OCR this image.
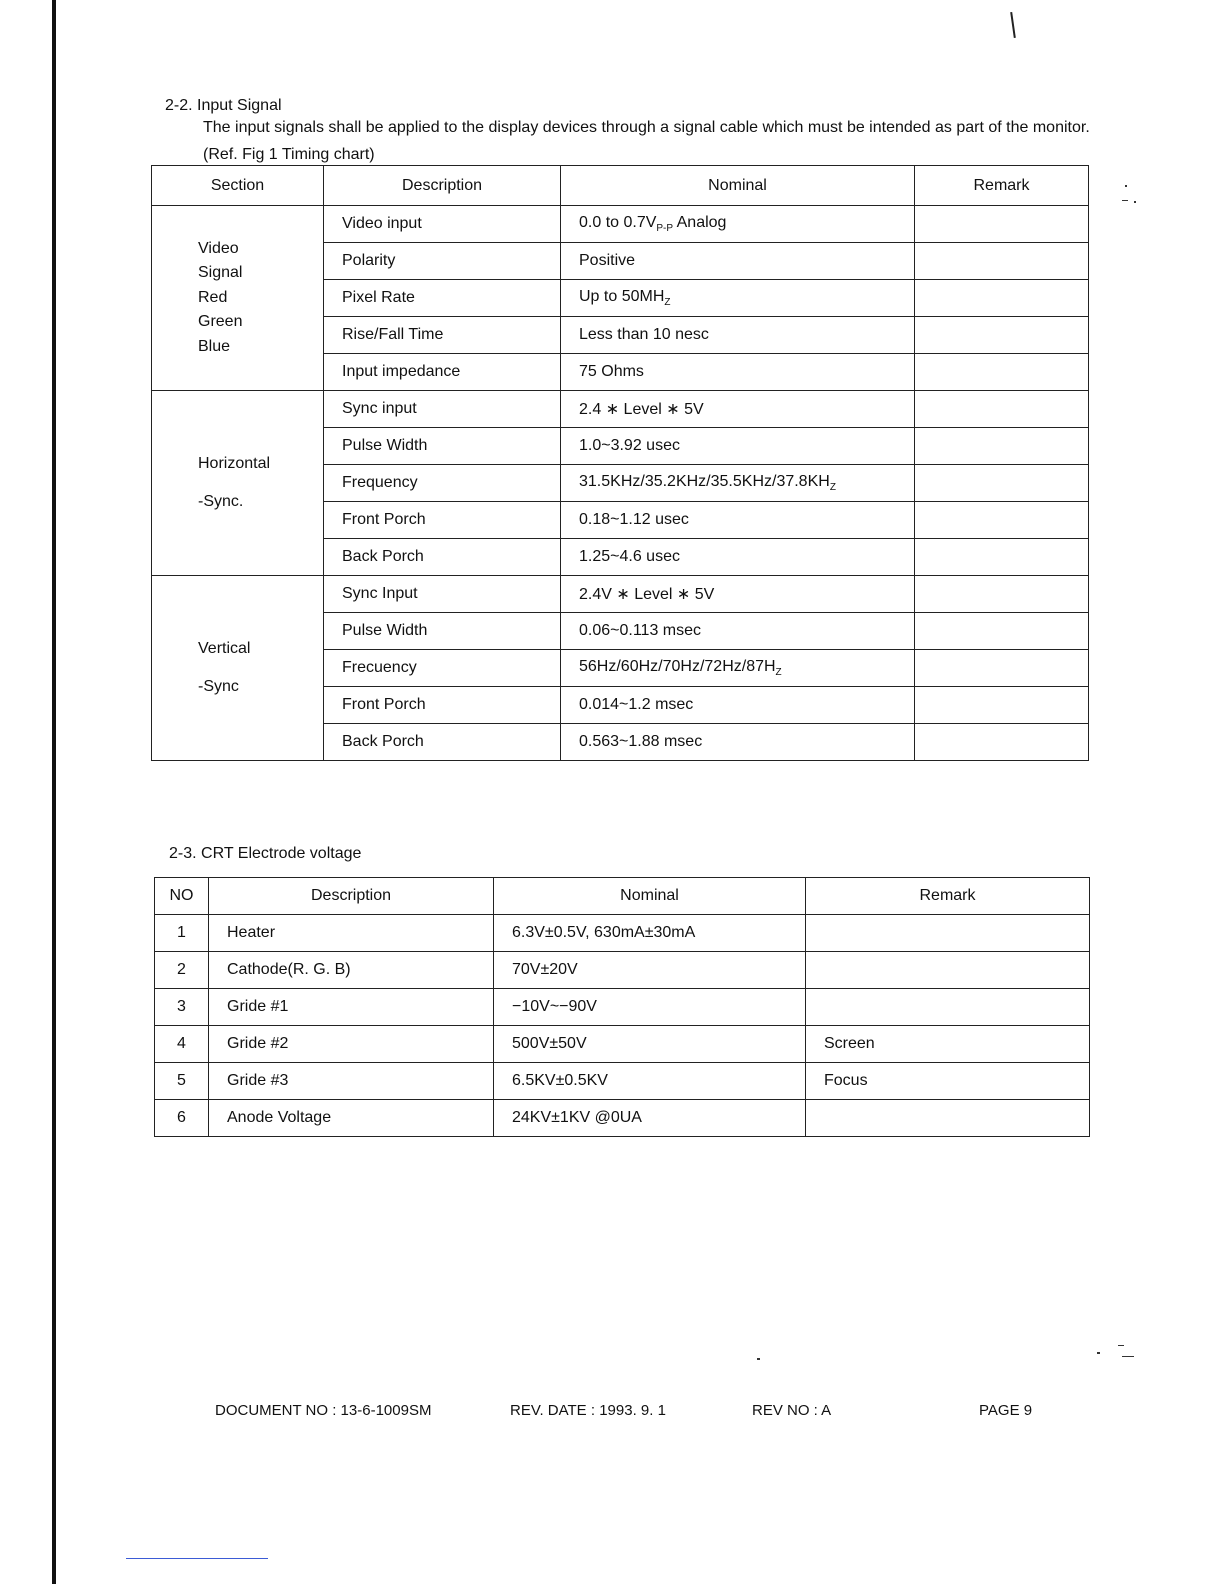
2-2. Input Signal
The input signals shall be applied to the display devices through a signal cable which must be intended as part of the monitor.
(Ref. Fig 1 Timing chart)
Section	Description	Nominal	Remark

Video
Signal
Red
Green
Blue	Video input	0.0 to $0.7V_{P-P}$ Analog	
	Polarity	Positive	
	Pixel Rate	Up to $50MH_Z$	
	Rise/Fall Time	Less than 10 nesc	
	Input impedance	75 Ohms	

Horizontal
-Sync.	Sync input	2.4 ∗ Level ∗ 5V	
	Pulse Width	1.0~3.92 usec	
	Frequency	$31.5KHz/35.2KHz/35.5KHz/37.8KH_Z$	
	Front Porch	0.18~1.12 usec	
	Back Porch	1.25~4.6 usec	

Vertical
-Sync	Sync Input	2.4V ∗ Level ∗ 5V	
	Pulse Width	0.06~0.113 msec	
	Frecuency	$56Hz/60Hz/70Hz/72Hz/87H_Z$	
	Front Porch	0.014~1.2 msec	
	Back Porch	0.563~1.88 msec	
2-3. CRT Electrode voltage
NO	Description	Nominal	Remark
1	Heater	6.3V±0.5V, 630mA±30mA	
2	Cathode(R. G. B)	70V±20V	
3	Gride #1	−10V~−90V	
4	Gride #2	500V±50V	Screen
5	Gride #3	6.5KV±0.5KV	Focus
6	Anode Voltage	24KV±1KV @0UA	
DOCUMENT NO : 13-6-1009SM	REV. DATE : 1993. 9. 1	REV NO : A	PAGE 9
